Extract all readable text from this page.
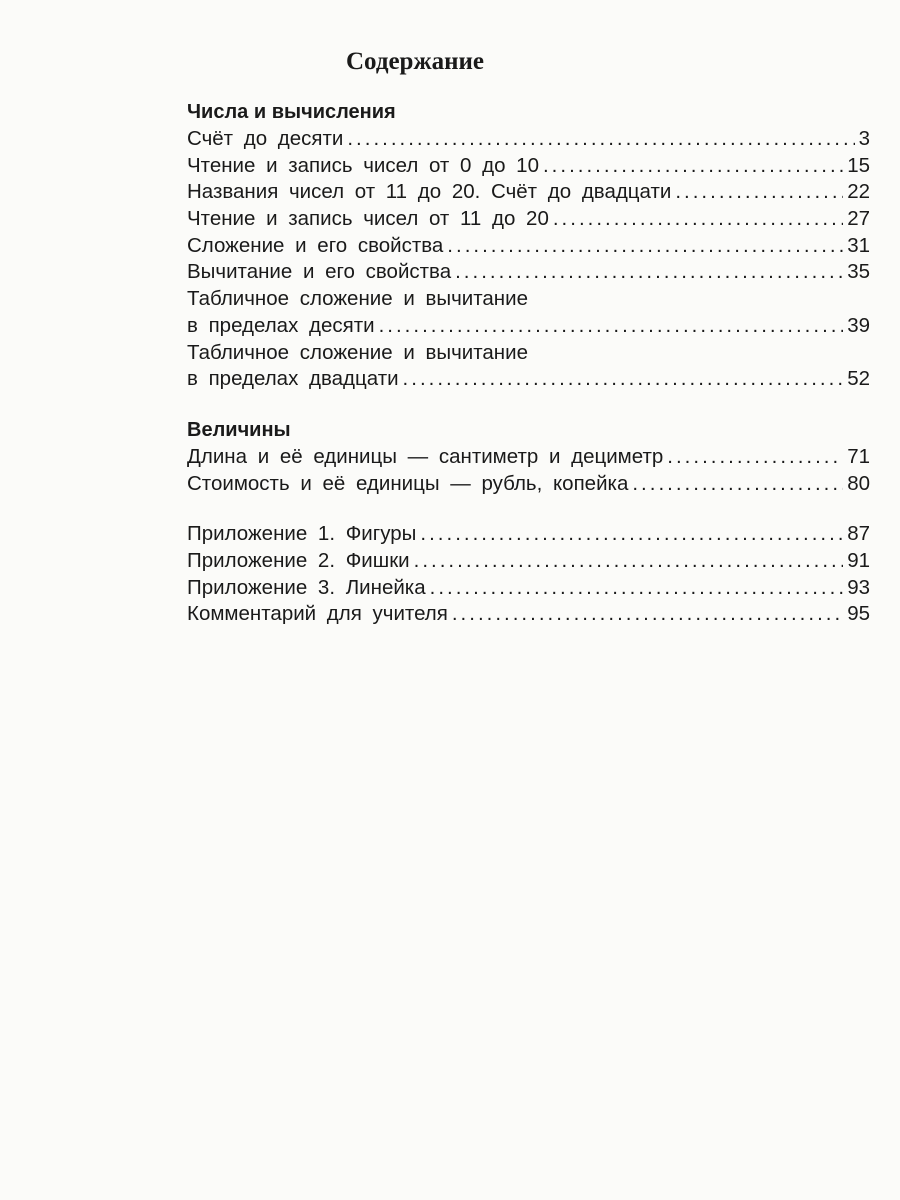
Содержание
Числа и вычисления
Счёт до десяти .....	3
Чтение и запись чисел от 0 до 10 .....	15
Названия чисел от 11 до 20. Счёт до двадцати .....	22
Чтение и запись чисел от 11 до 20 .....	27
Сложение и его свойства .....	31
Вычитание и его свойства .....	35
Табличное сложение и вычитание
в пределах десяти .....	39
Табличное сложение и вычитание
в пределах двадцати .....	52
Величины
Длина и её единицы — сантиметр и дециметр .....	71
Стоимость и её единицы — рубль, копейка .....	80
Приложение 1. Фигуры .....	87
Приложение 2. Фишки .....	91
Приложение 3. Линейка .....	93
Комментарий для учителя .....	95
